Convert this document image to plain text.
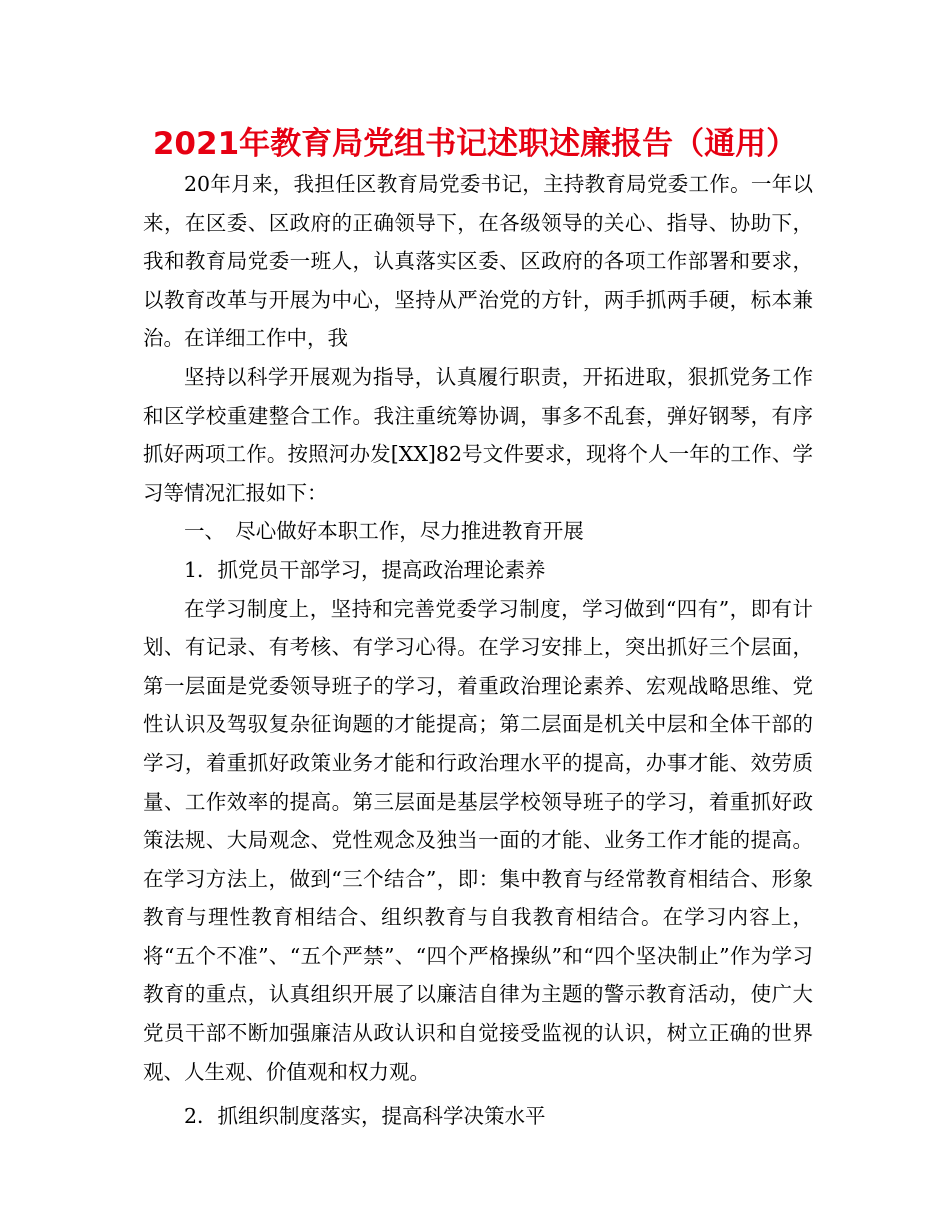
2021年教育局党组书记述职述廉报告（通用）

20年月来，我担任区教育局党委书记，主持教育局党委工作。一年以来，在区委、区政府的正确领导下，在各级领导的关心、指导、协助下，我和教育局党委一班人，认真落实区委、区政府的各项工作部署和要求，以教育改革与开展为中心，坚持从严治党的方针，两手抓两手硬，标本兼治。在详细工作中，我

坚持以科学开展观为指导，认真履行职责，开拓进取，狠抓党务工作和区学校重建整合工作。我注重统筹协调，事多不乱套，弹好钢琴，有序抓好两项工作。按照河办发[XX]82号文件要求，现将个人一年的工作、学习等情况汇报如下：

一、　尽心做好本职工作，尽力推进教育开展

1．抓党员干部学习，提高政治理论素养

在学习制度上，坚持和完善党委学习制度，学习做到“四有”，即有计划、有记录、有考核、有学习心得。在学习安排上，突出抓好三个层面，第一层面是党委领导班子的学习，着重政治理论素养、宏观战略思维、党性认识及驾驭复杂征询题的才能提高；第二层面是机关中层和全体干部的学习，着重抓好政策业务才能和行政治理水平的提高，办事才能、效劳质量、工作效率的提高。第三层面是基层学校领导班子的学习，着重抓好政策法规、大局观念、党性观念及独当一面的才能、业务工作才能的提高。在学习方法上，做到“三个结合”，即：集中教育与经常教育相结合、形象教育与理性教育相结合、组织教育与自我教育相结合。在学习内容上，将“五个不准”、“五个严禁”、“四个严格操纵”和“四个坚决制止”作为学习教育的重点，认真组织开展了以廉洁自律为主题的警示教育活动，使广大党员干部不断加强廉洁从政认识和自觉接受监视的认识，树立正确的世界观、人生观、价值观和权力观。

2．抓组织制度落实，提高科学决策水平
